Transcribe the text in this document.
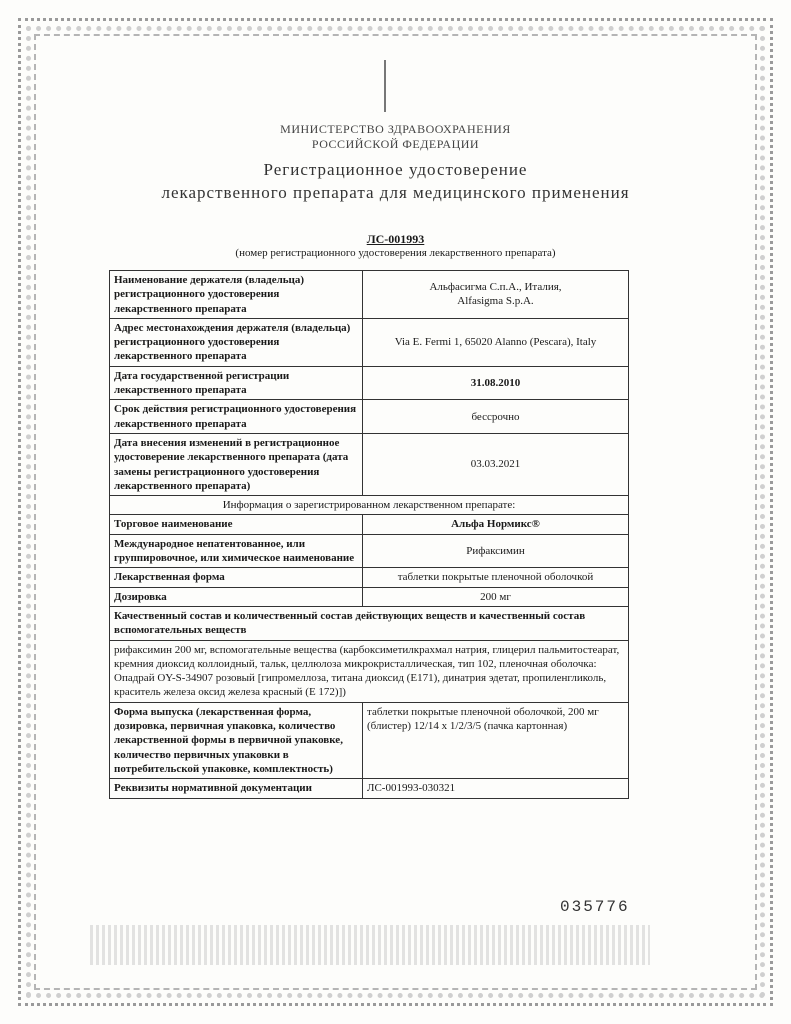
МИНИСТЕРСТВО ЗДРАВООХРАНЕНИЯ
РОССИЙСКОЙ ФЕДЕРАЦИИ
Регистрационное удостоверение
лекарственного препарата для медицинского применения
ЛС-001993
(номер регистрационного удостоверения лекарственного препарата)
Наименование держателя (владельца) регистрационного удостоверения лекарственного препарата	Альфасигма С.п.А., Италия,
Alfasigma S.p.A.
Адрес местонахождения держателя (владельца) регистрационного удостоверения лекарственного препарата	Via E. Fermi 1, 65020 Alanno (Pescara), Italy
Дата государственной регистрации лекарственного препарата	31.08.2010
Срок действия регистрационного удостоверения лекарственного препарата	бессрочно
Дата внесения изменений в регистрационное удостоверение лекарственного препарата (дата замены регистрационного удостоверения лекарственного препарата)	03.03.2021
Информация о зарегистрированном лекарственном препарате:	
Торговое наименование	Альфа Нормикс®
Международное непатентованное, или группировочное, или химическое наименование	Рифаксимин
Лекарственная форма	таблетки покрытые пленочной оболочкой
Дозировка	200 мг
Качественный состав и количественный состав действующих веществ и качественный состав вспомогательных веществ	
рифаксимин 200 мг, вспомогательные вещества (карбоксиметилкрахмал натрия, глицерил пальмитостеарат, кремния диоксид коллоидный, тальк, целлюлоза микрокристаллическая, тип 102, пленочная оболочка: Опадрай OY-S-34907 розовый [гипромеллоза, титана диоксид (Е171), динатрия эдетат, пропиленгликоль, краситель железа оксид железа красный (Е 172)])	
Форма выпуска (лекарственная форма, дозировка, первичная упаковка, количество лекарственной формы в первичной упаковке, количество первичных упаковки в потребительской упаковке, комплектность)	таблетки покрытые пленочной оболочкой, 200 мг (блистер) 12/14 х 1/2/3/5 (пачка картонная)
Реквизиты нормативной документации	ЛС-001993-030321
035776
